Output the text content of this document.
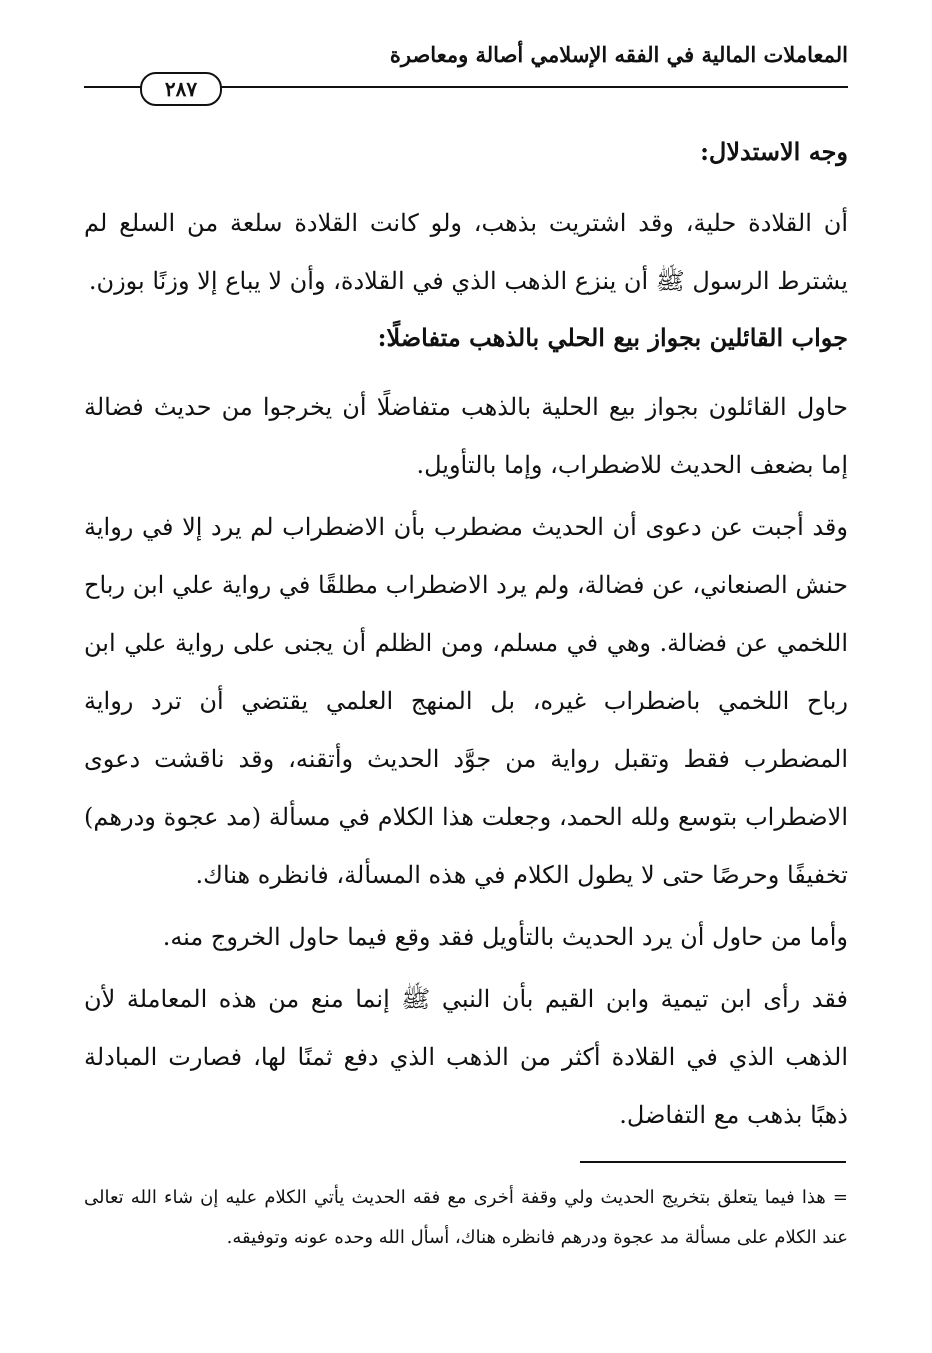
المعاملات المالية في الفقه الإسلامي أصالة ومعاصرة
٢٨٧
وجه الاستدلال:
أن القلادة حلية، وقد اشتريت بذهب، ولو كانت القلادة سلعة من السلع لم يشترط الرسول ﷺ أن ينزع الذهب الذي في القلادة، وأن لا يباع إلا وزنًا بوزن.
جواب القائلين بجواز بيع الحلي بالذهب متفاضلًا:
حاول القائلون بجواز بيع الحلية بالذهب متفاضلًا أن يخرجوا من حديث فضالة إما بضعف الحديث للاضطراب، وإما بالتأويل.
وقد أجبت عن دعوى أن الحديث مضطرب بأن الاضطراب لم يرد إلا في رواية حنش الصنعاني، عن فضالة، ولم يرد الاضطراب مطلقًا في رواية علي ابن رباح اللخمي عن فضالة. وهي في مسلم، ومن الظلم أن يجنى على رواية علي ابن رباح اللخمي باضطراب غيره، بل المنهج العلمي يقتضي أن ترد رواية المضطرب فقط وتقبل رواية من جوَّد الحديث وأتقنه، وقد ناقشت دعوى الاضطراب بتوسع ولله الحمد، وجعلت هذا الكلام في مسألة (مد عجوة ودرهم) تخفيفًا وحرصًا حتى لا يطول الكلام في هذه المسألة، فانظره هناك.
وأما من حاول أن يرد الحديث بالتأويل فقد وقع فيما حاول الخروج منه.
فقد رأى ابن تيمية وابن القيم بأن النبي ﷺ إنما منع من هذه المعاملة لأن الذهب الذي في القلادة أكثر من الذهب الذي دفع ثمنًا لها، فصارت المبادلة ذهبًا بذهب مع التفاضل.
= هذا فيما يتعلق بتخريج الحديث ولي وقفة أخرى مع فقه الحديث يأتي الكلام عليه إن شاء الله تعالى عند الكلام على مسألة مد عجوة ودرهم فانظره هناك، أسأل الله وحده عونه وتوفيقه.
